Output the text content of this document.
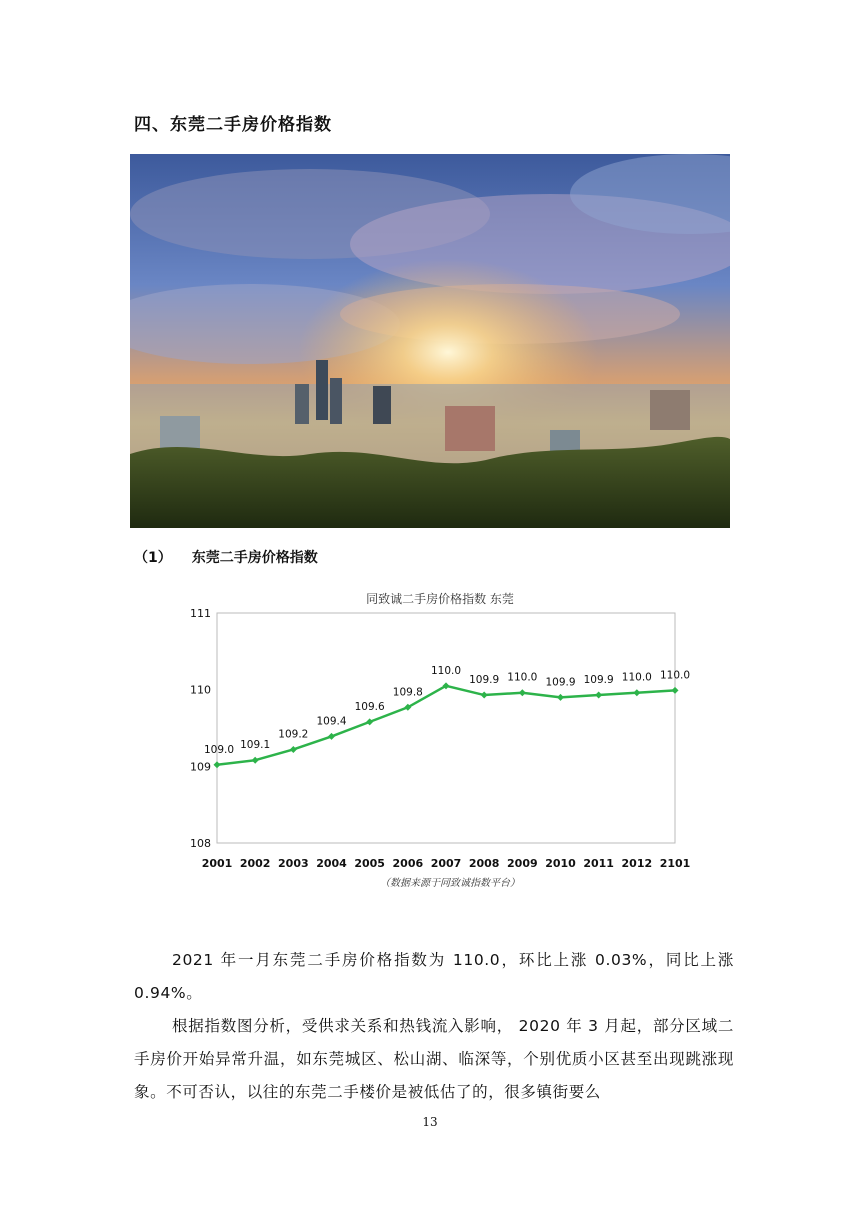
四、东莞二手房价格指数
（1） 东莞二手房价格指数
同致诚二手房价格指数 东莞
108
109
110
111
2001 2002 2003 2004 2005 2006 2007 2008 2009 2010 2011 2012 2101
109.0 109.1
109.2
109.4
109.6
109.8
110.0
109.9 110.0 109.9 109.9 110.0 110.0
（数据来源于同致诚指数平台）
2021 年一月东莞二手房价格指数为 110.0，环比上涨 0.03%，同比上涨0.94%。
根据指数图分析，受供求关系和热钱流入影响， 2020 年 3 月起，部分区域二手房价开始异常升温，如东莞城区、松山湖、临深等，个别优质小区甚至出现跳涨现象。不可否认，以往的东莞二手楼价是被低估了的，很多镇街要么
13
